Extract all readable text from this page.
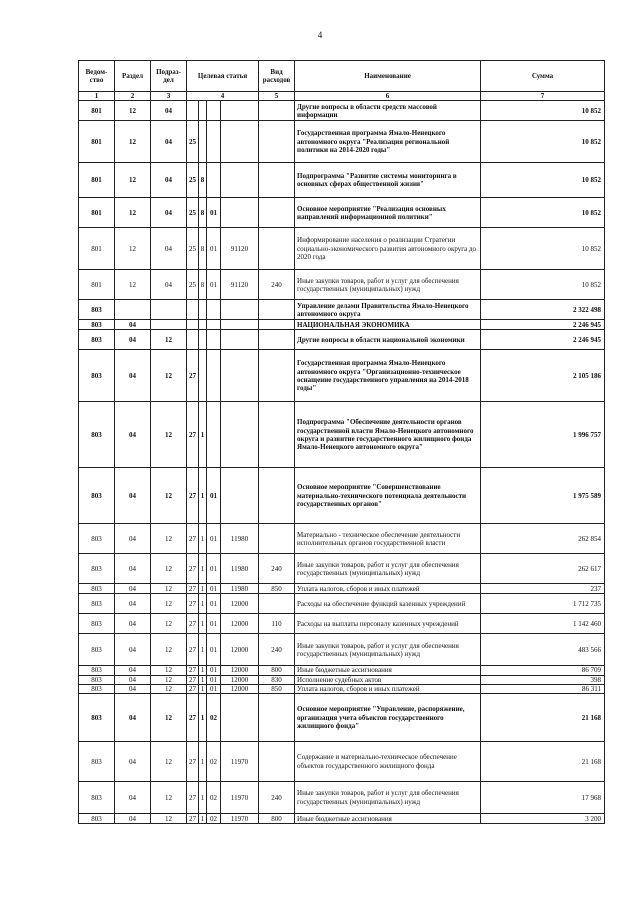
4
Ведом-ство	Раздел	Подраз-дел	Целевая статья				Вид расходов	Наименование	Сумма
1	2	3	4				5	6	7
801	12	04						Другие вопросы в области средств массовой информации	10 852
801	12	04	25					Государственная программа Ямало-Ненецкого автономного округа "Реализация региональной политики на 2014-2020 годы"	10 852
801	12	04	25	8				Подпрограмма "Развитие системы мониторинга в основных сферах общественной жизни"	10 852
801	12	04	25	8	01			Основное мероприятие "Реализация основных направлений информационной политики"	10 852
801	12	04	25	8	01	91120		Информирование населения о реализации Стратегии социально-экономического развития автономного округа до 2020 года	10 852
801	12	04	25	8	01	91120	240	Иные закупки товаров, работ и услуг для обеспечения государственных (муниципальных) нужд	10 852
803								Управление делами Правительства Ямало-Ненецкого автономного округа	2 322 498
803	04							НАЦИОНАЛЬНАЯ ЭКОНОМИКА	2 246 945
803	04	12						Другие вопросы в области национальной экономики	2 246 945
803	04	12	27					Государственная программа Ямало-Ненецкого автономного округа "Организационно-техническое оснащение государственного управления на 2014-2018 годы"	2 105 186
803	04	12	27	1				Подпрограмма "Обеспечение деятельности органов государственной власти Ямало-Ненецкого автономного округа и развитие государственного жилищного фонда Ямало-Ненецкого автономного округа"	1 996 757
803	04	12	27	1	01			Основное мероприятие "Совершенствование материально-технического потенциала деятельности государственных органов"	1 975 589
803	04	12	27	1	01	11980		Материально - техническое обеспечение деятельности исполнительных органов государственной власти	262 854
803	04	12	27	1	01	11980	240	Иные закупки товаров, работ и услуг для обеспечения государственных (муниципальных) нужд	262 617
803	04	12	27	1	01	11980	850	Уплата налогов, сборов и иных платежей	237
803	04	12	27	1	01	12000		Расходы на обеспечение функций казенных учреждений	1 712 735
803	04	12	27	1	01	12000	110	Расходы на выплаты персоналу казенных учреждений	1 142 460
803	04	12	27	1	01	12000	240	Иные закупки товаров, работ и услуг для обеспечения государственных (муниципальных) нужд	483 566
803	04	12	27	1	01	12000	800	Иные бюджетные ассигнования	86 709
803	04	12	27	1	01	12000	830	Исполнение судебных актов	398
803	04	12	27	1	01	12000	850	Уплата налогов, сборов и иных платежей	86 311
803	04	12	27	1	02			Основное мероприятие "Управление, распоряжение, организация учета объектов государственного жилищного фонда"	21 168
803	04	12	27	1	02	11970		Содержание и материально-техническое обеспечение объектов государственного жилищного фонда	21 168
803	04	12	27	1	02	11970	240	Иные закупки товаров, работ и услуг для обеспечения государственных (муниципальных) нужд	17 968
803	04	12	27	1	02	11970	800	Иные бюджетные ассигнования	3 200
